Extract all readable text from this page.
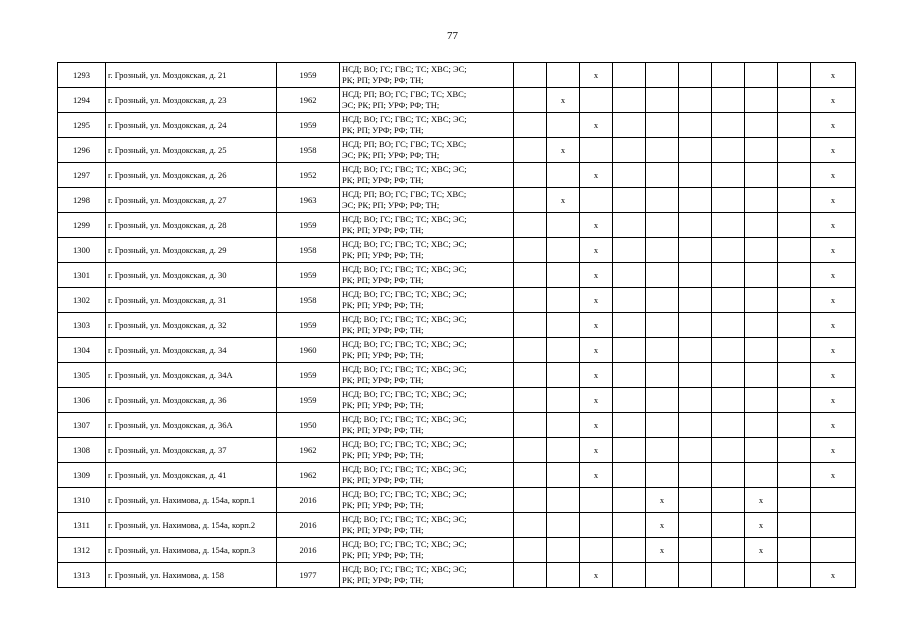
77
1293	г. Грозный, ул. Моздокская, д. 21	1959	НСД; ВО; ГС; ГВС; ТС; ХВС; ЭС;
РК; РП; УРФ; РФ; ТН;			x							x
1294	г. Грозный, ул. Моздокская, д. 23	1962	НСД; РП; ВО; ГС; ГВС; ТС; ХВС;
ЭС; РК; РП; УРФ; РФ; ТН;		x								x
1295	г. Грозный, ул. Моздокская, д. 24	1959	НСД; ВО; ГС; ГВС; ТС; ХВС; ЭС;
РК; РП; УРФ; РФ; ТН;			x							x
1296	г. Грозный, ул. Моздокская, д. 25	1958	НСД; РП; ВО; ГС; ГВС; ТС; ХВС;
ЭС; РК; РП; УРФ; РФ; ТН;		x								x
1297	г. Грозный, ул. Моздокская, д. 26	1952	НСД; ВО; ГС; ГВС; ТС; ХВС; ЭС;
РК; РП; УРФ; РФ; ТН;			x							x
1298	г. Грозный, ул. Моздокская, д. 27	1963	НСД; РП; ВО; ГС; ГВС; ТС; ХВС;
ЭС; РК; РП; УРФ; РФ; ТН;		x								x
1299	г. Грозный, ул. Моздокская, д. 28	1959	НСД; ВО; ГС; ГВС; ТС; ХВС; ЭС;
РК; РП; УРФ; РФ; ТН;			x							x
1300	г. Грозный, ул. Моздокская, д. 29	1958	НСД; ВО; ГС; ГВС; ТС; ХВС; ЭС;
РК; РП; УРФ; РФ; ТН;			x							x
1301	г. Грозный, ул. Моздокская, д. 30	1959	НСД; ВО; ГС; ГВС; ТС; ХВС; ЭС;
РК; РП; УРФ; РФ; ТН;			x							x
1302	г. Грозный, ул. Моздокская, д. 31	1958	НСД; ВО; ГС; ГВС; ТС; ХВС; ЭС;
РК; РП; УРФ; РФ; ТН;			x							x
1303	г. Грозный, ул. Моздокская, д. 32	1959	НСД; ВО; ГС; ГВС; ТС; ХВС; ЭС;
РК; РП; УРФ; РФ; ТН;			x							x
1304	г. Грозный, ул. Моздокская, д. 34	1960	НСД; ВО; ГС; ГВС; ТС; ХВС; ЭС;
РК; РП; УРФ; РФ; ТН;			x							x
1305	г. Грозный, ул. Моздокская, д. 34А	1959	НСД; ВО; ГС; ГВС; ТС; ХВС; ЭС;
РК; РП; УРФ; РФ; ТН;			x							x
1306	г. Грозный, ул. Моздокская, д. 36	1959	НСД; ВО; ГС; ГВС; ТС; ХВС; ЭС;
РК; РП; УРФ; РФ; ТН;			x							x
1307	г. Грозный, ул. Моздокская, д. 36А	1950	НСД; ВО; ГС; ГВС; ТС; ХВС; ЭС;
РК; РП; УРФ; РФ; ТН;			x							x
1308	г. Грозный, ул. Моздокская, д. 37	1962	НСД; ВО; ГС; ГВС; ТС; ХВС; ЭС;
РК; РП; УРФ; РФ; ТН;			x							x
1309	г. Грозный, ул. Моздокская, д. 41	1962	НСД; ВО; ГС; ГВС; ТС; ХВС; ЭС;
РК; РП; УРФ; РФ; ТН;			x							x
1310	г. Грозный, ул. Нахимова, д. 154а, корп.1	2016	НСД; ВО; ГС; ГВС; ТС; ХВС; ЭС;
РК; РП; УРФ; РФ; ТН;					x			x		
1311	г. Грозный, ул. Нахимова, д. 154а, корп.2	2016	НСД; ВО; ГС; ГВС; ТС; ХВС; ЭС;
РК; РП; УРФ; РФ; ТН;					x			x		
1312	г. Грозный, ул. Нахимова, д. 154а, корп.3	2016	НСД; ВО; ГС; ГВС; ТС; ХВС; ЭС;
РК; РП; УРФ; РФ; ТН;					x			x		
1313	г. Грозный, ул. Нахимова, д. 158	1977	НСД; ВО; ГС; ГВС; ТС; ХВС; ЭС;
РК; РП; УРФ; РФ; ТН;			x							x
